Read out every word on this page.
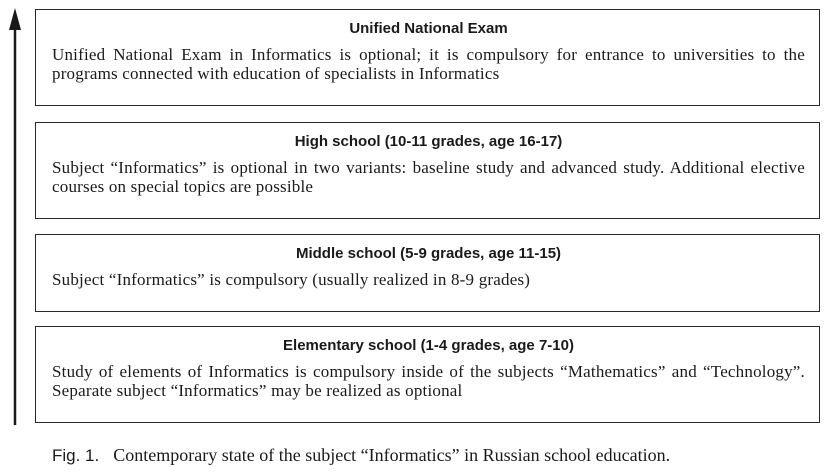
Unified National Exam

Unified National Exam in Informatics is optional; it is compulsory for entrance to universities to the programs connected with education of specialists in Informatics

High school (10-11 grades, age 16-17)

Subject “Informatics” is optional in two variants: baseline study and advanced study. Additional elective courses on special topics are possible

Middle school (5-9 grades, age 11-15)

Subject “Informatics” is compulsory (usually realized in 8-9 grades)

Elementary school (1-4 grades, age 7-10)

Study of elements of Informatics is compulsory inside of the subjects “Mathematics” and “Technology”. Separate subject “Informatics” may be realized as optional

Fig. 1. Contemporary state of the subject “Informatics” in Russian school education.
